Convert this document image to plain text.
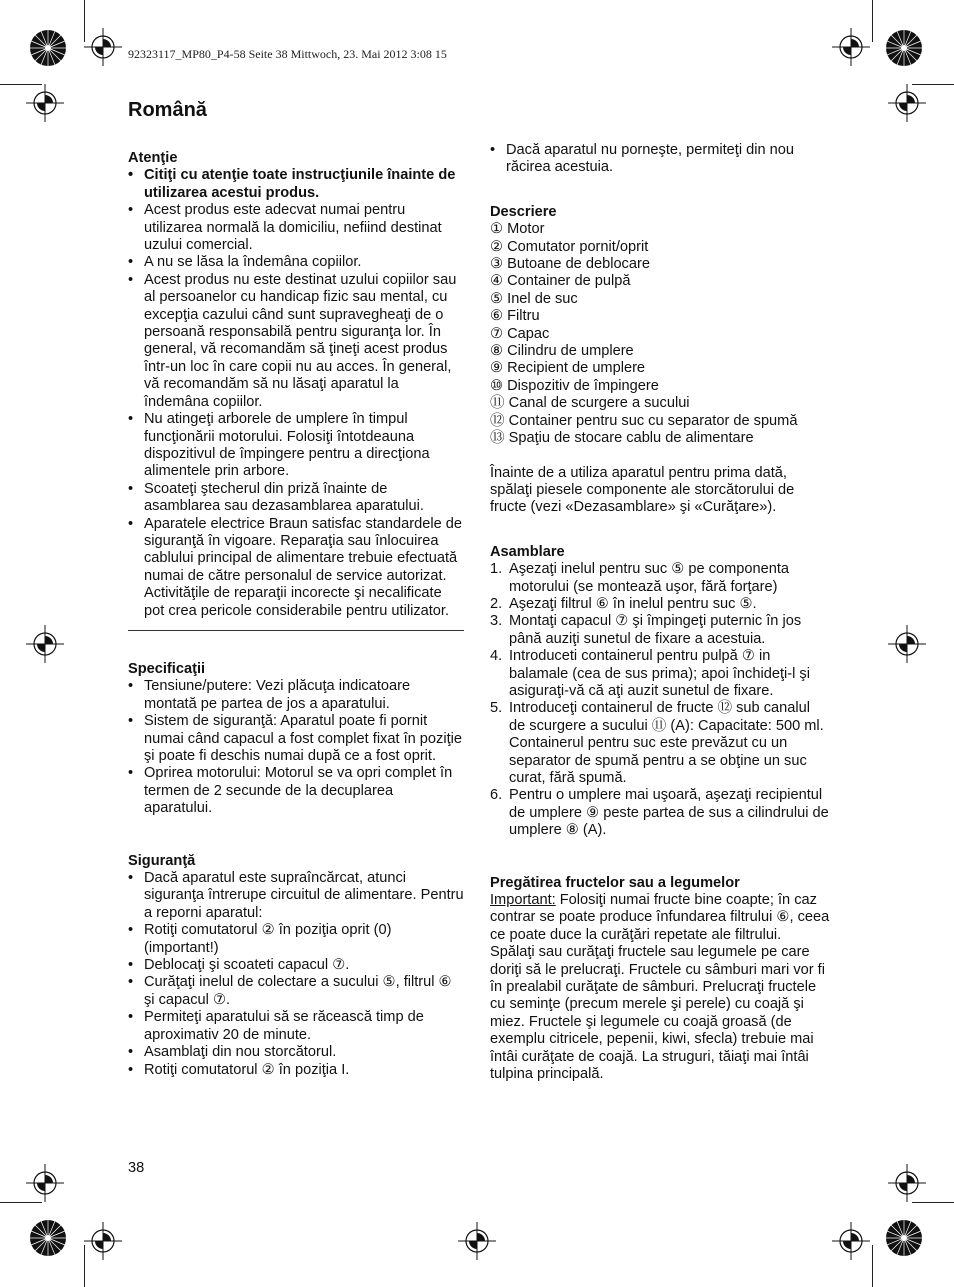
92323117_MP80_P4-58 Seite 38 Mittwoch, 23. Mai 2012 3:08 15
Română

Atenţie

• Citiţi cu atenţie toate instrucţiunile înainte de utilizarea acestui produs.
• Acest produs este adecvat numai pentru utilizarea normală la domiciliu, nefiind destinat uzului comercial.
• A nu se lăsa la îndemâna copiilor.
• Acest produs nu este destinat uzului copiilor sau al persoanelor cu handicap fizic sau mental, cu excepţia cazului când sunt supravegheaţi de o persoană responsabilă pentru siguranţa lor. În general, vă recomandăm să ţineţi acest produs într-un loc în care copii nu au acces. În general, vă recomandăm să nu lăsaţi aparatul la îndemâna copiilor.
• Nu atingeţi arborele de umplere în timpul funcţionării motorului. Folosiţi întotdeauna dispozitivul de împingere pentru a direcţiona alimentele prin arbore.
• Scoateţi ştecherul din priză înainte de asamblarea sau dezasamblarea aparatului.
• Aparatele electrice Braun satisfac standardele de siguranţă în vigoare. Reparaţia sau înlocuirea cablului principal de alimentare trebuie efectuată numai de către personalul de service autorizat. Activităţile de reparaţii incorecte şi necalificate pot crea pericole considerabile pentru utilizator.

Specificaţii

• Tensiune/putere: Vezi plăcuţa indicatoare montată pe partea de jos a aparatului.
• Sistem de siguranţă: Aparatul poate fi pornit numai când capacul a fost complet fixat în poziţie şi poate fi deschis numai după ce a fost oprit.
• Oprirea motorului: Motorul se va opri complet în termen de 2 secunde de la decuplarea aparatului.

Siguranţă

• Dacă aparatul este supraîncărcat, atunci siguranţa întrerupe circuitul de alimentare. Pentru a reporni aparatul:
• Rotiţi comutatorul ② în poziţia oprit (0) (important!)
• Deblocaţi şi scoateti capacul ⑦.
• Curăţaţi inelul de colectare a sucului ⑤, filtrul ⑥ şi capacul ⑦.
• Permiteţi aparatului să se răcească timp de aproximativ 20 de minute.
• Asamblaţi din nou storcătorul.
• Rotiţi comutatorul ② în poziţia I.
• Dacă aparatul nu porneşte, permiteţi din nou răcirea acestuia.

Descriere

① Motor

② Comutator pornit/oprit

③ Butoane de deblocare

④ Container de pulpă

⑤ Inel de suc

⑥ Filtru

⑦ Capac

⑧ Cilindru de umplere

⑨ Recipient de umplere

⑩ Dispozitiv de împingere

⑪ Canal de scurgere a sucului

⑫ Container pentru suc cu separator de spumă

⑬ Spaţiu de stocare cablu de alimentare

Înainte de a utiliza aparatul pentru prima dată, spălaţi piesele componente ale storcătorului de fructe (vezi «Dezasamblare» şi «Curăţare»).

Asamblare

1. Aşezaţi inelul pentru suc ⑤ pe componenta motorului (se montează uşor, fără forţare)
2. Aşezaţi filtrul ⑥ în inelul pentru suc ⑤.
3. Montaţi capacul ⑦ şi împingeţi puternic în jos până auziţi sunetul de fixare a acestuia.
4. Introduceti containerul pentru pulpă ⑦ in balamale (cea de sus prima); apoi închideţi-l şi asiguraţi-vă că aţi auzit sunetul de fixare.
5. Introduceţi containerul de fructe ⑫ sub canalul de scurgere a sucului ⑪ (A): Capacitate: 500 ml. Containerul pentru suc este prevăzut cu un separator de spumă pentru a se obţine un suc curat, fără spumă.
6. Pentru o umplere mai uşoară, aşezaţi recipientul de umplere ⑨ peste partea de sus a cilindrului de umplere ⑧ (A).

Pregătirea fructelor sau a legumelor

Important: Folosiţi numai fructe bine coapte; în caz contrar se poate produce înfundarea filtrului ⑥, ceea ce poate duce la curăţări repetate ale filtrului.

Spălaţi sau curăţaţi fructele sau legumele pe care doriţi să le prelucraţi. Fructele cu sâmburi mari vor fi în prealabil curăţate de sâmburi. Prelucraţi fructele cu seminţe (precum merele şi perele) cu coajă şi miez. Fructele şi legumele cu coajă groasă (de exemplu citricele, pepenii, kiwi, sfecla) trebuie mai întâi curăţate de coajă. La struguri, tăiaţi mai întâi tulpina principală.

38
